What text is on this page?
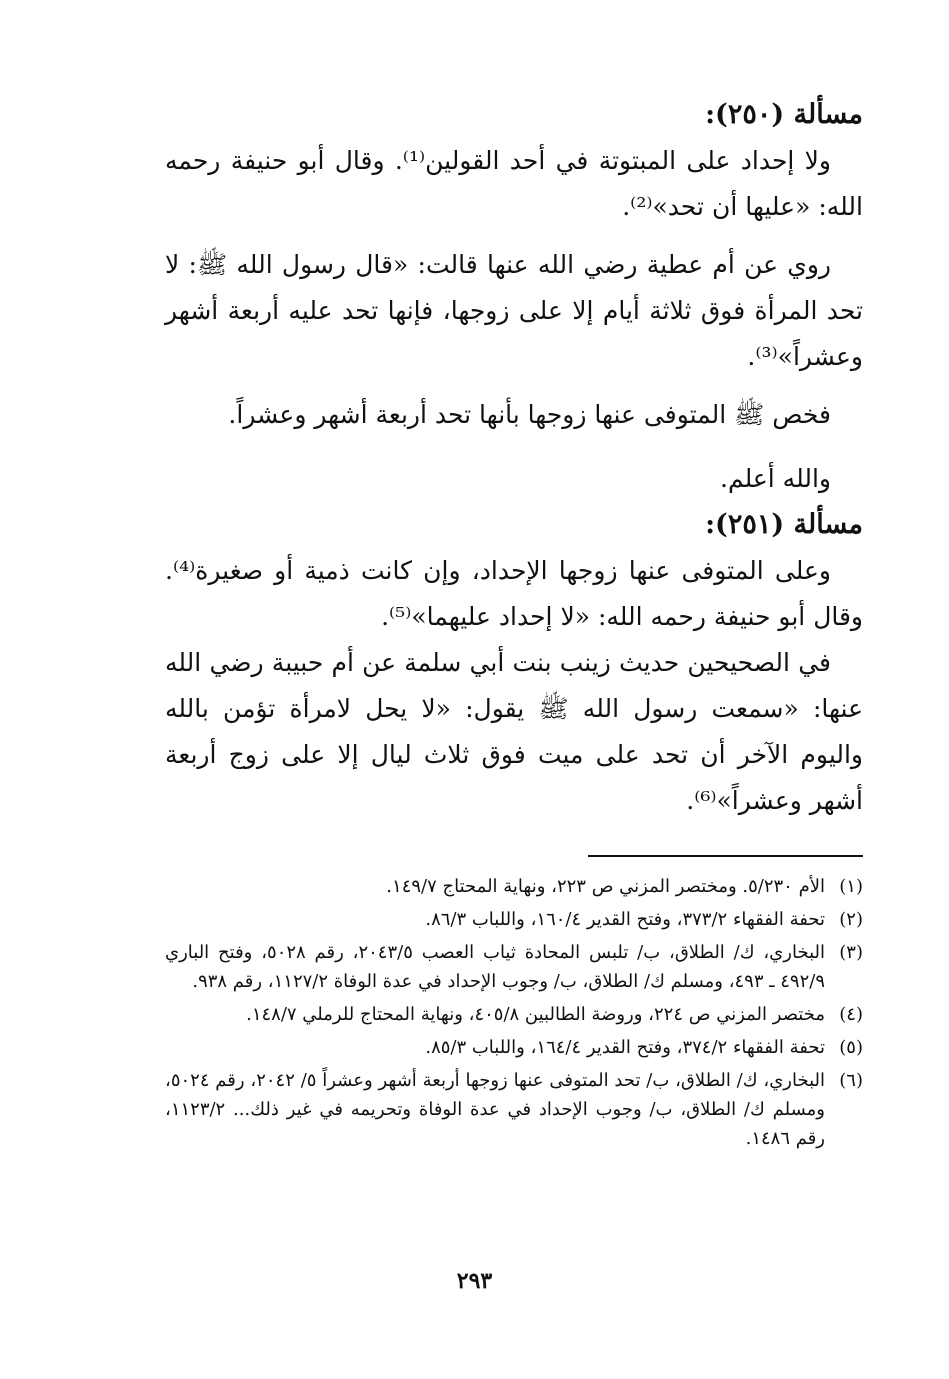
مسألة (٢٥٠):

ولا إحداد على المبتوتة في أحد القولين⁽¹⁾. وقال أبو حنيفة رحمه الله: «عليها أن تحد»⁽²⁾.

روي عن أم عطية رضي الله عنها قالت: «قال رسول الله ﷺ: لا تحد المرأة فوق ثلاثة أيام إلا على زوجها، فإنها تحد عليه أربعة أشهر وعشراً»⁽³⁾.

فخص ﷺ المتوفى عنها زوجها بأنها تحد أربعة أشهر وعشراً.

والله أعلم.

مسألة (٢٥١):

وعلى المتوفى عنها زوجها الإحداد، وإن كانت ذمية أو صغيرة⁽⁴⁾. وقال أبو حنيفة رحمه الله: «لا إحداد عليهما»⁽⁵⁾.

في الصحيحين حديث زينب بنت أبي سلمة عن أم حبيبة رضي الله عنها: «سمعت رسول الله ﷺ يقول: «لا يحل لامرأة تؤمن بالله واليوم الآخر أن تحد على ميت فوق ثلاث ليال إلا على زوج أربعة أشهر وعشراً»⁽⁶⁾.

(١)
الأم ٥/٢٣٠. ومختصر المزني ص ٢٢٣، ونهاية المحتاج ١٤٩/٧.
(٢)
تحفة الفقهاء ٣٧٣/٢، وفتح القدير ١٦٠/٤، واللباب ٨٦/٣.
(٣)
البخاري، ك/ الطلاق، ب/ تلبس المحادة ثياب العصب ٢٠٤٣/٥، رقم ٥٠٢٨، وفتح الباري ٤٩٢/٩ ـ ٤٩٣، ومسلم ك/ الطلاق، ب/ وجوب الإحداد في عدة الوفاة ١١٢٧/٢، رقم ٩٣٨.
(٤)
مختصر المزني ص ٢٢٤، وروضة الطالبين ٤٠٥/٨، ونهاية المحتاج للرملي ١٤٨/٧.
(٥)
تحفة الفقهاء ٣٧٤/٢، وفتح القدير ١٦٤/٤، واللباب ٨٥/٣.
(٦)
البخاري، ك/ الطلاق، ب/ تحد المتوفى عنها زوجها أربعة أشهر وعشراً ٥/ ٢٠٤٢، رقم ٥٠٢٤، ومسلم ك/ الطلاق، ب/ وجوب الإحداد في عدة الوفاة وتحريمه في غير ذلك... ١١٢٣/٢، رقم ١٤٨٦.
٢٩٣
